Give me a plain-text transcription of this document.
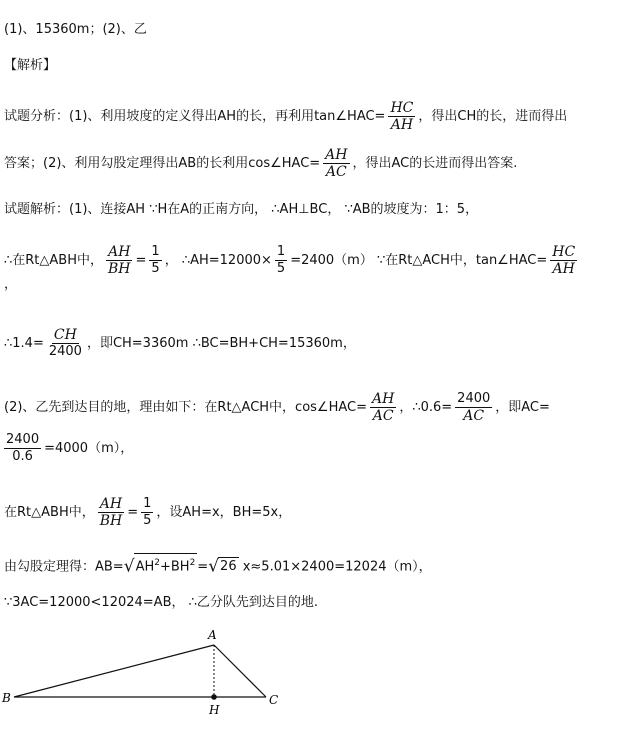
(1)、15360m；(2)、乙
【解析】
试题分析：(1)、利用坡度的定义得出AH的长，再利用tan∠HAC= $\frac{HC}{AH}$ ，得出CH的长，进而得出
答案；(2)、利用勾股定理得出AB的长利用cos∠HAC= $\frac{AH}{AC}$ ，得出AC的长进而得出答案.
试题解析：(1)、连接AH ∵H在A的正南方向， ∴AH⊥BC， ∵AB的坡度为：1：5，
∴在Rt△ABH中， $\frac{AH}{BH} = \frac{1}{5}$ ， ∴AH=12000× $\frac{1}{5} =2400(m)$ ∵在Rt△ACH中，tan∠HAC= $\frac{HC}{AH}$
，
∴1.4= $\frac{CH}{2400}$ ，即CH=3360m ∴BC=BH+CH=15360m，
(2)、乙先到达目的地，理由如下：在Rt△ACH中，cos∠HAC= $\frac{AH}{AC}$ ，∴0.6= $\frac{2400}{AC}$ ，即AC=
$\frac{2400}{0.6} =4000(m)$，
在Rt△ABH中， $\frac{AH}{BH} = \frac{1}{5}$ ，设AH=x，BH=5x，
由勾股定理得：$AB=√AH^2+BH^2 =√26$ x≈5.01×2400=12024（m），
∵3AC=12000<12024=AB， ∴乙分队先到达目的地.
A
B	C
H
